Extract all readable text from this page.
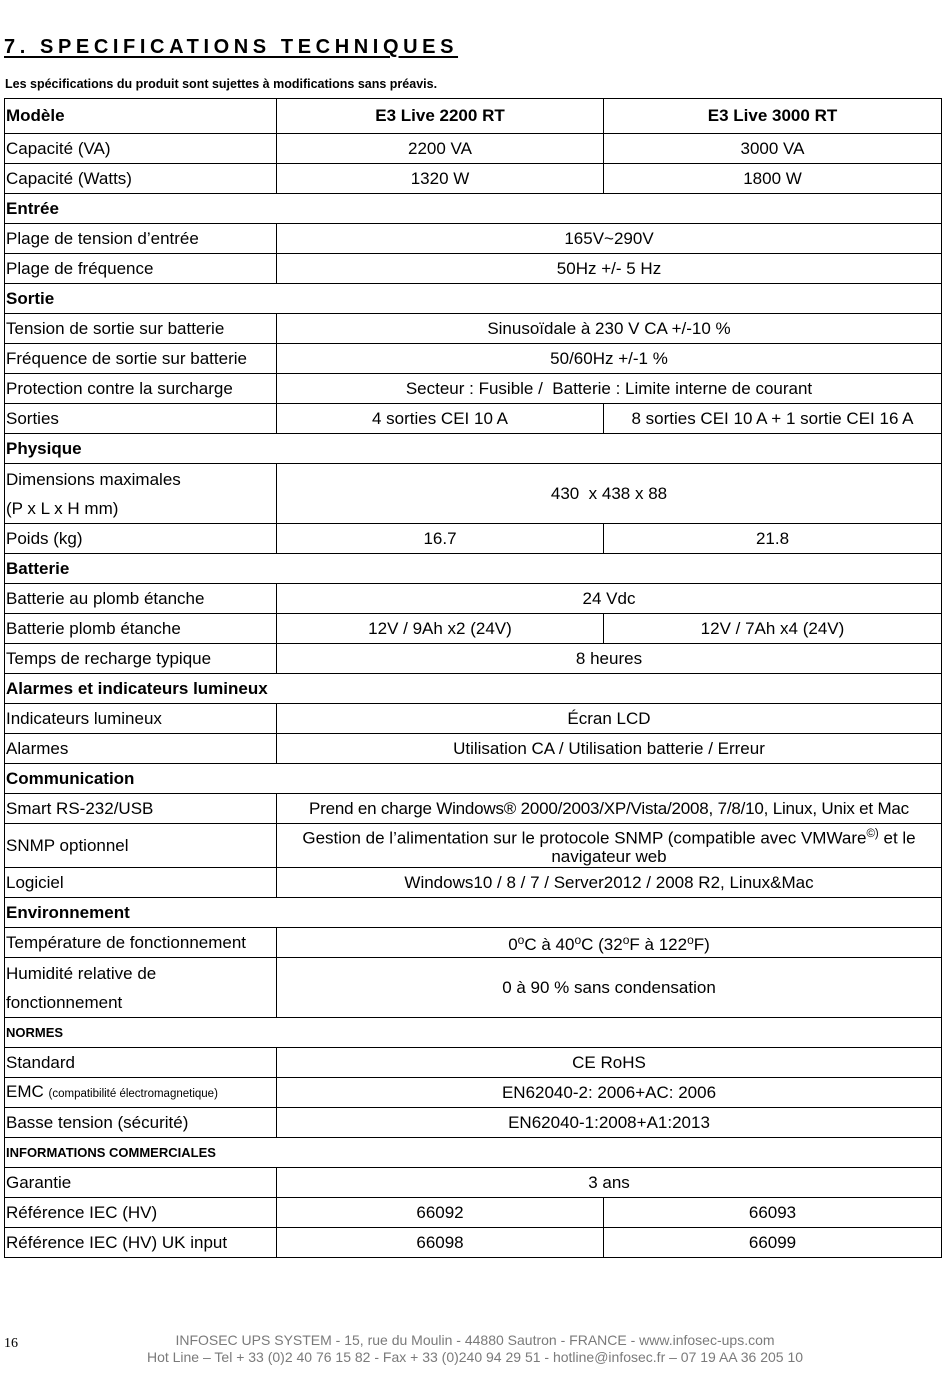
7. SPECIFICATIONS TECHNIQUES
Les spécifications du produit sont sujettes à modifications sans préavis.
Modèle	E3 Live 2200 RT	E3 Live 3000 RT
Capacité (VA)	2200 VA	3000 VA
Capacité (Watts)	1320 W	1800 W
Entrée		
Plage de tension d’entrée	165V~290V	
Plage de fréquence	50Hz +/- 5 Hz	
Sortie		
Tension de sortie sur batterie	Sinusoïdale à 230 V CA +/-10 %	
Fréquence de sortie sur batterie	50/60Hz +/-1 %	
Protection contre la surcharge	Secteur : Fusible /  Batterie : Limite interne de courant	
Sorties	4 sorties CEI 10 A	8 sorties CEI 10 A + 1 sortie CEI 16 A
Physique		
Dimensions maximales
(P x L x H mm)	430  x 438 x 88	
Poids (kg)	16.7	21.8
Batterie		
Batterie au plomb étanche	24 Vdc	
Batterie plomb étanche	12V / 9Ah x2 (24V)	12V / 7Ah x4 (24V)
Temps de recharge typique	8 heures	
Alarmes et indicateurs lumineux		
Indicateurs lumineux	Écran LCD	
Alarmes	Utilisation CA / Utilisation batterie / Erreur	
Communication		
Smart RS-232/USB	Prend en charge Windows® 2000/2003/XP/Vista/2008, 7/8/10, Linux, Unix et Mac	
SNMP optionnel	Gestion de l’alimentation sur le protocole SNMP (compatible avec VMWare©) et le navigateur web	
Logiciel	Windows10 / 8 / 7 / Server2012 / 2008 R2, Linux&Mac	
Environnement		
Température de fonctionnement	0$^o$C à 40$^o$C (32$^o$F à 122$^o$F)	
Humidité relative de
fonctionnement	0 à 90 % sans condensation	
NORMES		
Standard	CE RoHS	
EMC (compatibilité électromagnetique)	EN62040-2: 2006+AC: 2006	
Basse tension (sécurité)	EN62040-1:2008+A1:2013	
INFORMATIONS COMMERCIALES		
Garantie	3 ans	
Référence IEC (HV)	66092	66093
Référence IEC (HV) UK input	66098	66099
16	INFOSEC UPS SYSTEM - 15, rue du Moulin - 44880 Sautron - FRANCE - www.infosec-ups.com
Hot Line – Tel + 33 (0)2 40 76 15 82 - Fax + 33 (0)240 94 29 51 - hotline@infosec.fr – 07 19 AA 36 205 10
